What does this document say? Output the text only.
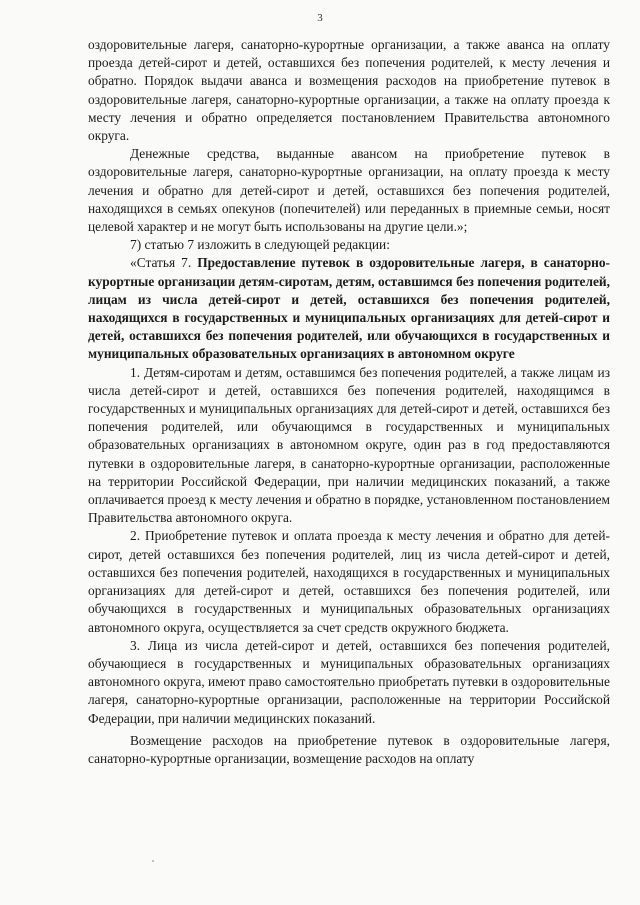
3

оздоровительные лагеря, санаторно-курортные организации, а также аванса на оплату проезда детей-сирот и детей, оставшихся без попечения родителей, к месту лечения и обратно. Порядок выдачи аванса и возмещения расходов на приобретение путевок в оздоровительные лагеря, санаторно-курортные организации, а также на оплату проезда к месту лечения и обратно определяется постановлением Правительства автономного округа.

Денежные средства, выданные авансом на приобретение путевок в оздоровительные лагеря, санаторно-курортные организации, на оплату проезда к месту лечения и обратно для детей-сирот и детей, оставшихся без попечения родителей, находящихся в семьях опекунов (попечителей) или переданных в приемные семьи, носят целевой характер и не могут быть использованы на другие цели.»;

7) статью 7 изложить в следующей редакции:

«Статья 7. Предоставление путевок в оздоровительные лагеря, в санаторно-курортные организации детям-сиротам, детям, оставшимся без попечения родителей, лицам из числа детей-сирот и детей, оставшихся без попечения родителей, находящихся в государственных и муниципальных организациях для детей-сирот и детей, оставшихся без попечения родителей, или обучающихся в государственных и муниципальных образовательных организациях в автономном округе

1. Детям-сиротам и детям, оставшимся без попечения родителей, а также лицам из числа детей-сирот и детей, оставшихся без попечения родителей, находящимся в государственных и муниципальных организациях для детей-сирот и детей, оставшихся без попечения родителей, или обучающимся в государственных и муниципальных образовательных организациях в автономном округе, один раз в год предоставляются путевки в оздоровительные лагеря, в санаторно-курортные организации, расположенные на территории Российской Федерации, при наличии медицинских показаний, а также оплачивается проезд к месту лечения и обратно в порядке, установленном постановлением Правительства автономного округа.

2. Приобретение путевок и оплата проезда к месту лечения и обратно для детей-сирот, детей оставшихся без попечения родителей, лиц из числа детей-сирот и детей, оставшихся без попечения родителей, находящихся в государственных и муниципальных организациях для детей-сирот и детей, оставшихся без попечения родителей, или обучающихся в государственных и муниципальных образовательных организациях автономного округа, осуществляется за счет средств окружного бюджета.

3. Лица из числа детей-сирот и детей, оставшихся без попечения родителей, обучающиеся в государственных и муниципальных образовательных организациях автономного округа, имеют право самостоятельно приобретать путевки в оздоровительные лагеря, санаторно-курортные организации, расположенные на территории Российской Федерации, при наличии медицинских показаний.

Возмещение расходов на приобретение путевок в оздоровительные лагеря, санаторно-курортные организации, возмещение расходов на оплату
